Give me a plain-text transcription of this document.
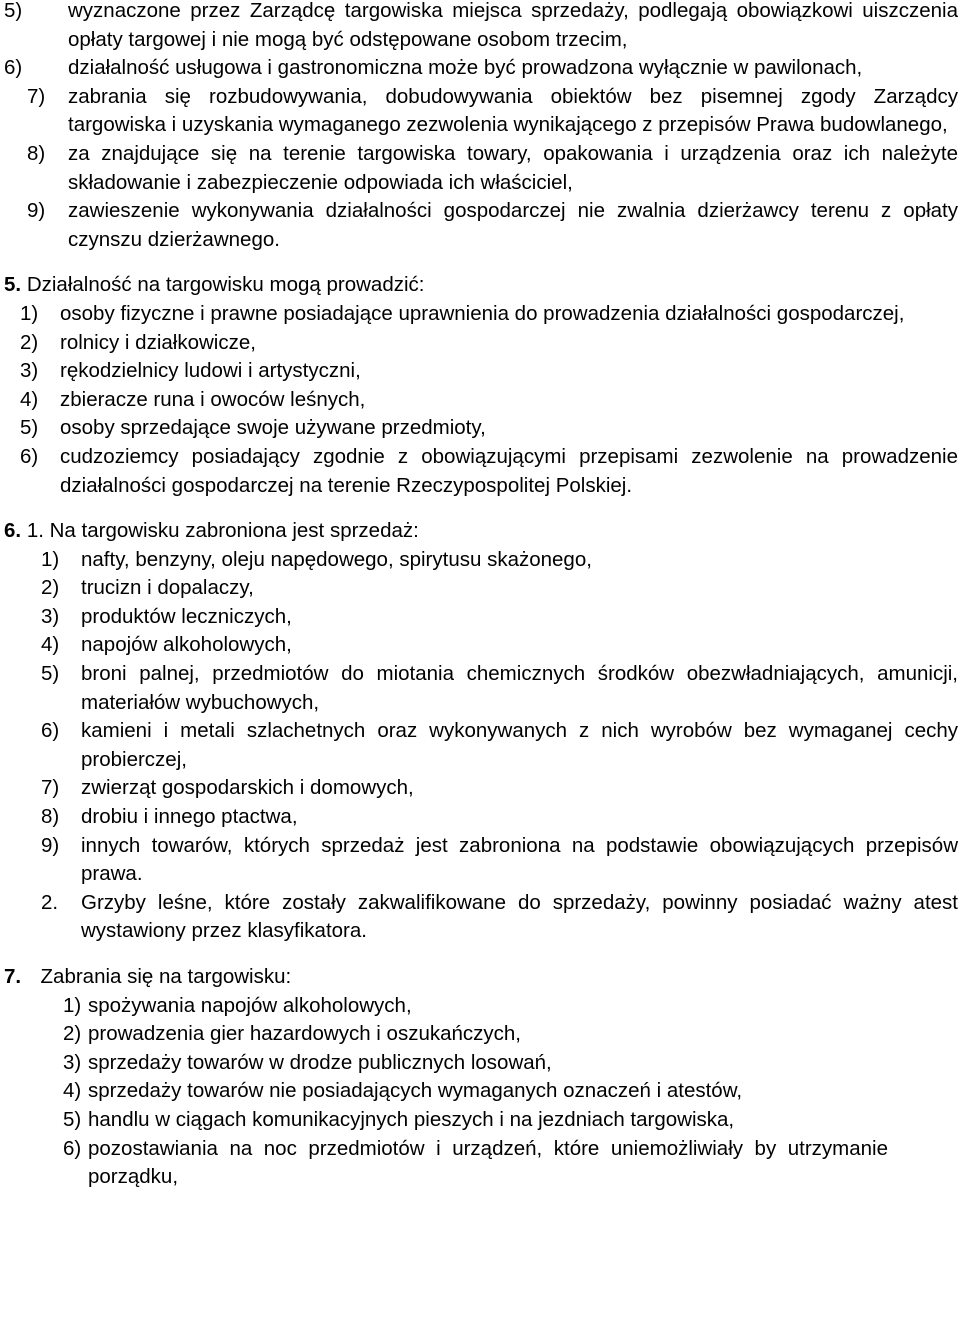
5) wyznaczone przez Zarządcę targowiska miejsca sprzedaży, podlegają obowiązkowi uiszczenia opłaty targowej i nie mogą być odstępowane osobom trzecim,
6) działalność usługowa i gastronomiczna może być prowadzona wyłącznie w pawilonach,
7) zabrania się rozbudowywania, dobudowywania obiektów bez pisemnej zgody Zarządcy targowiska i uzyskania wymaganego zezwolenia wynikającego z przepisów Prawa budowlanego,
8) za znajdujące się na terenie targowiska towary, opakowania i urządzenia oraz ich należyte składowanie i zabezpieczenie odpowiada ich właściciel,
9) zawieszenie wykonywania działalności gospodarczej nie zwalnia dzierżawcy terenu z opłaty czynszu dzierżawnego.
5. Działalność na targowisku mogą prowadzić:
1) osoby fizyczne i prawne posiadające uprawnienia do prowadzenia działalności gospodarczej,
2) rolnicy i działkowicze,
3) rękodzielnicy ludowi i artystyczni,
4) zbieracze runa i owoców leśnych,
5) osoby sprzedające swoje używane przedmioty,
6) cudzoziemcy posiadający zgodnie z obowiązującymi przepisami zezwolenie na prowadzenie działalności gospodarczej na terenie Rzeczypospolitej Polskiej.
6. 1. Na targowisku zabroniona jest sprzedaż:
1) nafty, benzyny, oleju napędowego, spirytusu skażonego,
2) trucizn i dopalaczy,
3) produktów leczniczych,
4) napojów alkoholowych,
5) broni palnej, przedmiotów do miotania chemicznych środków obezwładniających, amunicji, materiałów wybuchowych,
6) kamieni i metali szlachetnych oraz wykonywanych z nich wyrobów bez wymaganej cechy probierczej,
7) zwierząt gospodarskich i domowych,
8) drobiu i innego ptactwa,
9) innych towarów, których sprzedaż jest zabroniona na podstawie obowiązujących przepisów prawa.
2. Grzyby leśne, które zostały zakwalifikowane do sprzedaży, powinny posiadać ważny atest wystawiony przez klasyfikatora.
7. Zabrania się na targowisku:
1) spożywania napojów alkoholowych,
2) prowadzenia gier hazardowych i oszukańczych,
3) sprzedaży towarów w drodze publicznych losowań,
4) sprzedaży towarów nie posiadających wymaganych oznaczeń i atestów,
5) handlu w ciągach komunikacyjnych pieszych i na jezdniach targowiska,
6) pozostawiania na noc przedmiotów i urządzeń, które uniemożliwiały by utrzymanie porządku,
